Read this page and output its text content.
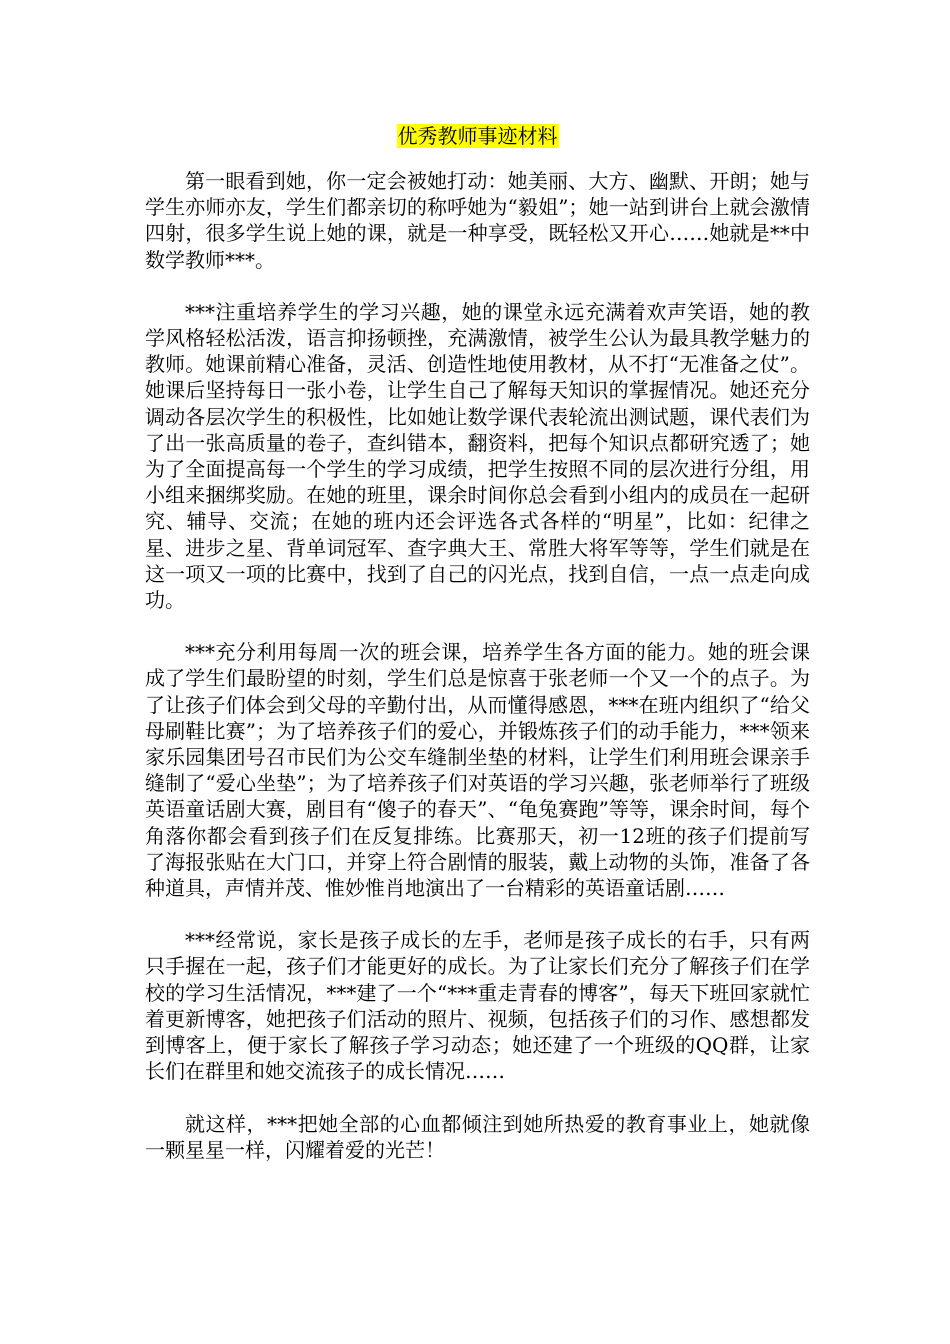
优秀教师事迹材料

第一眼看到她，你一定会被她打动：她美丽、大方、幽默、开朗；她与学生亦师亦友，学生们都亲切的称呼她为“毅姐”；她一站到讲台上就会激情四射，很多学生说上她的课，就是一种享受，既轻松又开心……她就是**中数学教师***。

***注重培养学生的学习兴趣，她的课堂永远充满着欢声笑语，她的教学风格轻松活泼，语言抑扬顿挫，充满激情，被学生公认为最具教学魅力的教师。她课前精心准备，灵活、创造性地使用教材，从不打“无准备之仗”。她课后坚持每日一张小卷，让学生自己了解每天知识的掌握情况。她还充分调动各层次学生的积极性，比如她让数学课代表轮流出测试题，课代表们为了出一张高质量的卷子，查纠错本，翻资料，把每个知识点都研究透了；她为了全面提高每一个学生的学习成绩，把学生按照不同的层次进行分组，用小组来捆绑奖励。在她的班里，课余时间你总会看到小组内的成员在一起研究、辅导、交流；在她的班内还会评选各式各样的“明星”，比如：纪律之星、进步之星、背单词冠军、查字典大王、常胜大将军等等，学生们就是在这一项又一项的比赛中，找到了自己的闪光点，找到自信，一点一点走向成功。

***充分利用每周一次的班会课，培养学生各方面的能力。她的班会课成了学生们最盼望的时刻，学生们总是惊喜于张老师一个又一个的点子。为了让孩子们体会到父母的辛勤付出，从而懂得感恩，***在班内组织了“给父母刷鞋比赛”；为了培养孩子们的爱心，并锻炼孩子们的动手能力，***领来家乐园集团号召市民们为公交车缝制坐垫的材料，让学生们利用班会课亲手缝制了“爱心坐垫”；为了培养孩子们对英语的学习兴趣，张老师举行了班级英语童话剧大赛，剧目有“傻子的春天”、“龟兔赛跑”等等，课余时间，每个角落你都会看到孩子们在反复排练。比赛那天，初一12班的孩子们提前写了海报张贴在大门口，并穿上符合剧情的服装，戴上动物的头饰，准备了各种道具，声情并茂、惟妙惟肖地演出了一台精彩的英语童话剧……

***经常说，家长是孩子成长的左手，老师是孩子成长的右手，只有两只手握在一起，孩子们才能更好的成长。为了让家长们充分了解孩子们在学校的学习生活情况，***建了一个“***重走青春的博客”，每天下班回家就忙着更新博客，她把孩子们活动的照片、视频，包括孩子们的习作、感想都发到博客上，便于家长了解孩子学习动态；她还建了一个班级的QQ群，让家长们在群里和她交流孩子的成长情况……

就这样，***把她全部的心血都倾注到她所热爱的教育事业上，她就像一颗星星一样，闪耀着爱的光芒！
